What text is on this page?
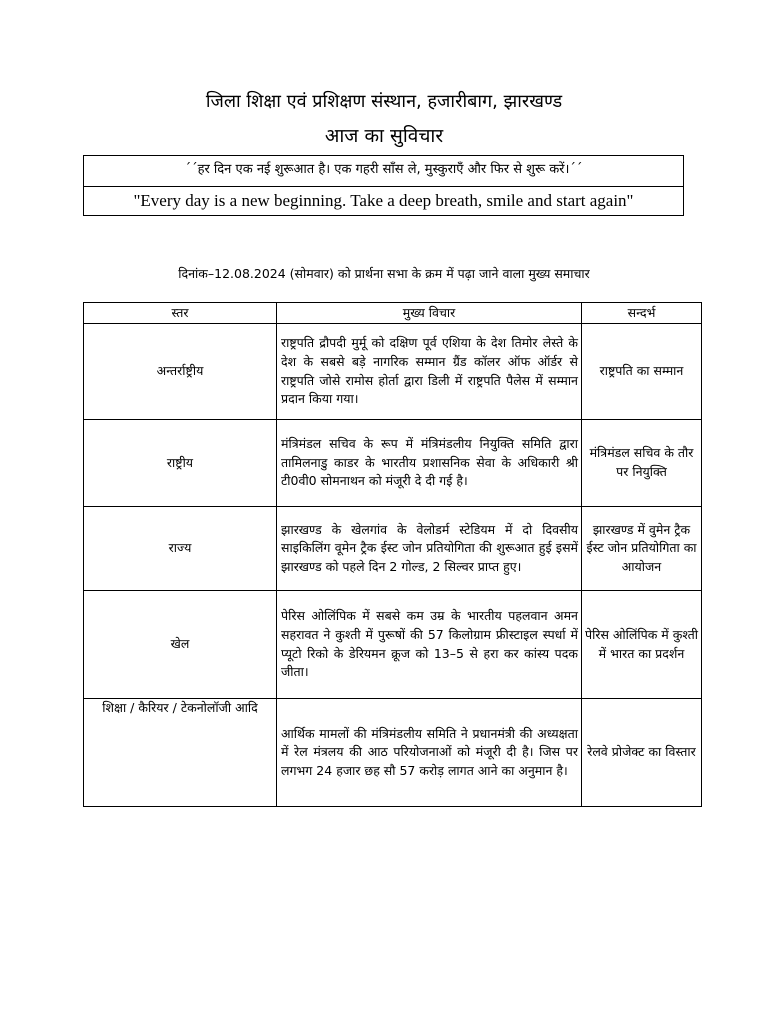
जिला शिक्षा एवं प्रशिक्षण संस्थान, हजारीबाग, झारखण्ड
आज का सुविचार
´´हर दिन एक नई शुरूआत है। एक गहरी साँस ले, मुस्कुराएँ और फिर से शुरू करें।´´
"Every day is a new beginning. Take a deep breath, smile and start again"
दिनांक–12.08.2024 (सोमवार) को प्रार्थना सभा के क्रम में पढ़ा जाने वाला मुख्य समाचार
स्तर	मुख्य विचार	सन्दर्भ
अन्तर्राष्ट्रीय	राष्ट्रपति द्रौपदी मुर्मू को दक्षिण पूर्व एशिया के देश तिमोर लेस्ते के देश के सबसे बड़े नागरिक सम्मान ग्रैंड कॉलर ऑफ ऑर्डर से राष्ट्रपति जोसे रामोस होर्ता द्वारा डिली में राष्ट्रपति पैलेस में सम्मान प्रदान किया गया।	राष्ट्रपति का सम्मान
राष्ट्रीय	मंत्रिमंडल सचिव के रूप में मंत्रिमंडलीय नियुक्ति समिति द्वारा तामिलनाडु काडर के भारतीय प्रशासनिक सेवा के अधिकारी श्री टी0वी0 सोमनाथन को मंजूरी दे दी गई है।	मंत्रिमंडल सचिव के तौर पर नियुक्ति
राज्य	झारखण्ड के खेलगांव के वेलोडर्म स्टेडियम में दो दिवसीय साइकिलिंग वूमेन ट्रैक ईस्ट जोन प्रतियोगिता की शुरूआत हुई इसमें झारखण्ड को पहले दिन 2 गोल्ड, 2 सिल्वर प्राप्त हुए।	झारखण्ड में वुमेन ट्रैक ईस्ट जोन प्रतियोगिता का आयोजन
खेल	पेरिस ओलिंपिक में सबसे कम उम्र के भारतीय पहलवान अमन सहरावत ने कुश्ती में पुरूषों की 57 किलोग्राम फ्रीस्टाइल स्पर्धा में प्यूटो रिको के डेरियमन क्रूज को 13–5 से हरा कर कांस्य पदक जीता।	पेरिस ओलिंपिक में कुश्ती में भारत का प्रदर्शन
शिक्षा / कैरियर / टेकनोलॉजी आदि	आर्थिक मामलों की मंत्रिमंडलीय समिति ने प्रधानमंत्री की अध्यक्षता में रेल मंत्रलय की आठ परियोजनाओं को मंजूरी दी है। जिस पर लगभग 24 हजार छह सौ 57 करोड़ लागत आने का अनुमान है।	रेलवे प्रोजेक्ट का विस्तार
